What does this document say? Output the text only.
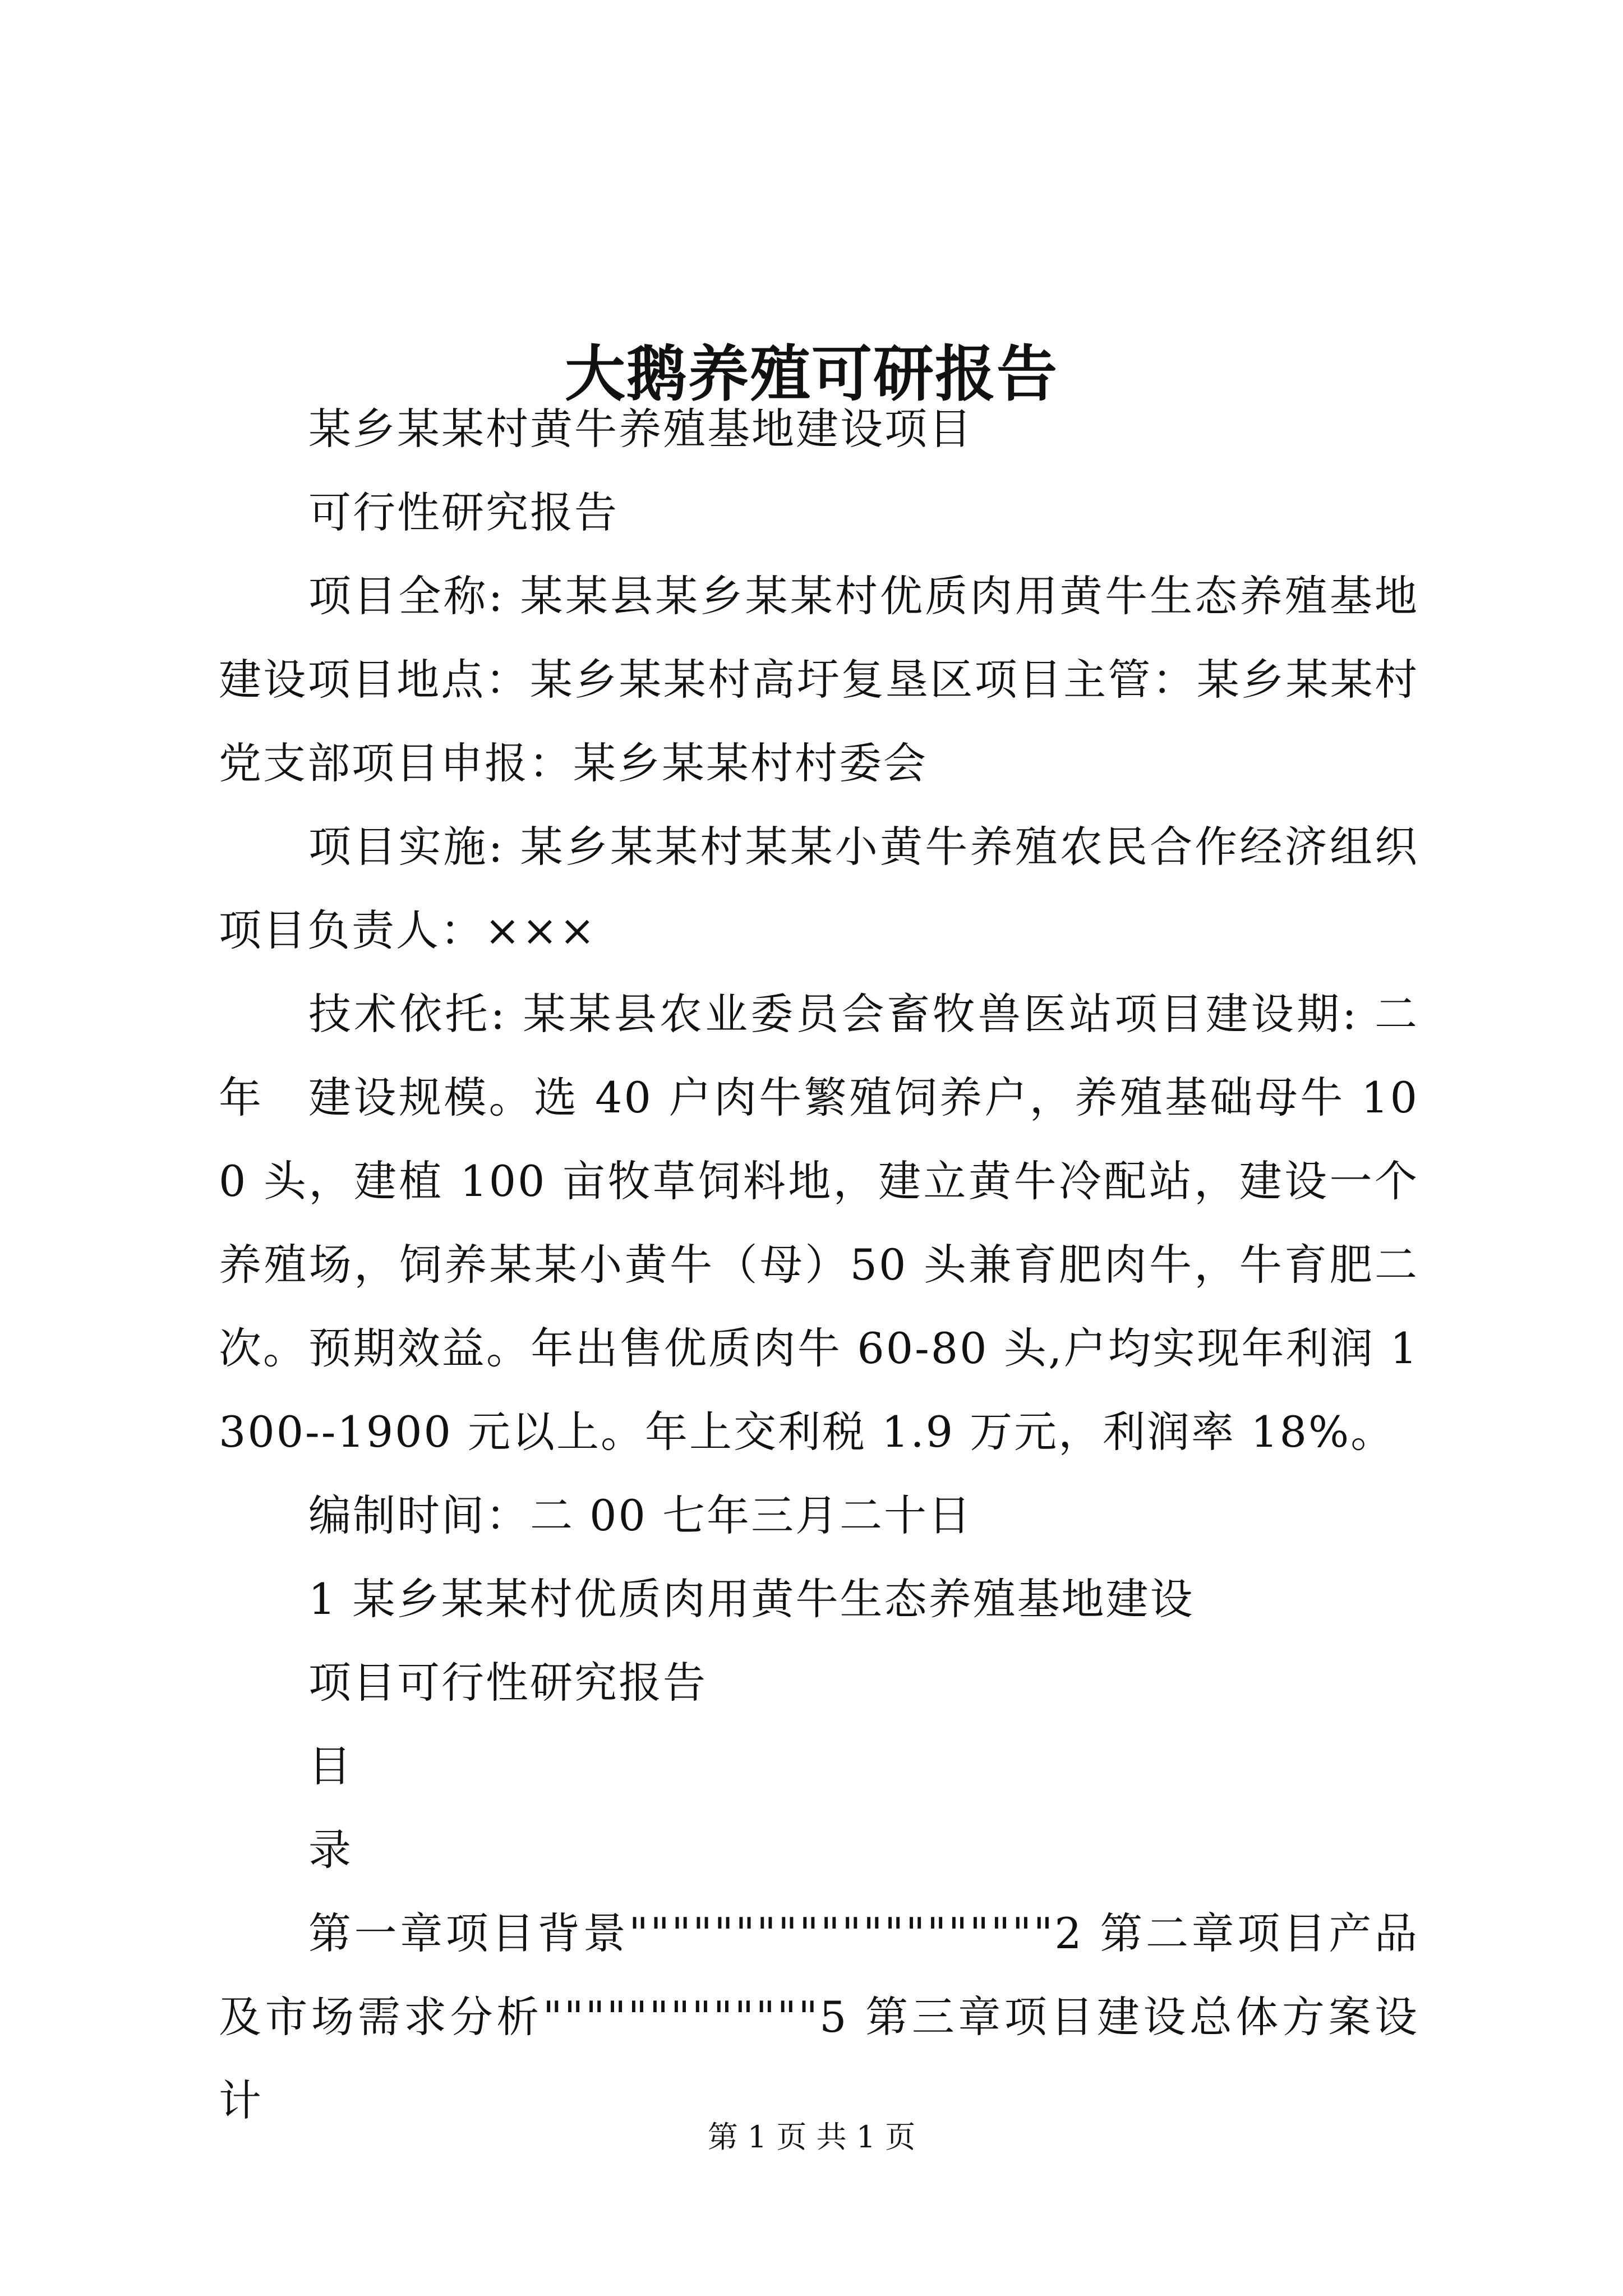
大鹅养殖可研报告

某乡某某村黄牛养殖基地建设项目

可行性研究报告

项目全称: 某某县某乡某某村优质肉用黄牛生态养殖基地建设项目地点：某乡某某村高圩复垦区项目主管：某乡某某村党支部项目申报：某乡某某村村委会

项目实施: 某乡某某村某某小黄牛养殖农民合作经济组织项目负责人：×××

技术依托: 某某县农业委员会畜牧兽医站项目建设期: 二年	建设规模。选 40 户肉牛繁殖饲养户，养殖基础母牛 100 头，建植 100 亩牧草饲料地，建立黄牛冷配站，建设一个养殖场，饲养某某小黄牛（母）50 头兼育肥肉牛，牛育肥二次。 预期效益。年出售优质肉牛 60-80 头,户均实现年利润 1300--1900 元以上。年上交利税 1.9 万元，利润率 18%。

编制时间：二 00 七年三月二十日

1 某乡某某村优质肉用黄牛生态养殖基地建设

项目可行性研究报告

目

录

第一章项目背景""""""""""""""""""""2 第二章项目产品及市场需求分析"""""""""""""5 第三章项目建设总体方案设计

第 1 页 共 1 页
